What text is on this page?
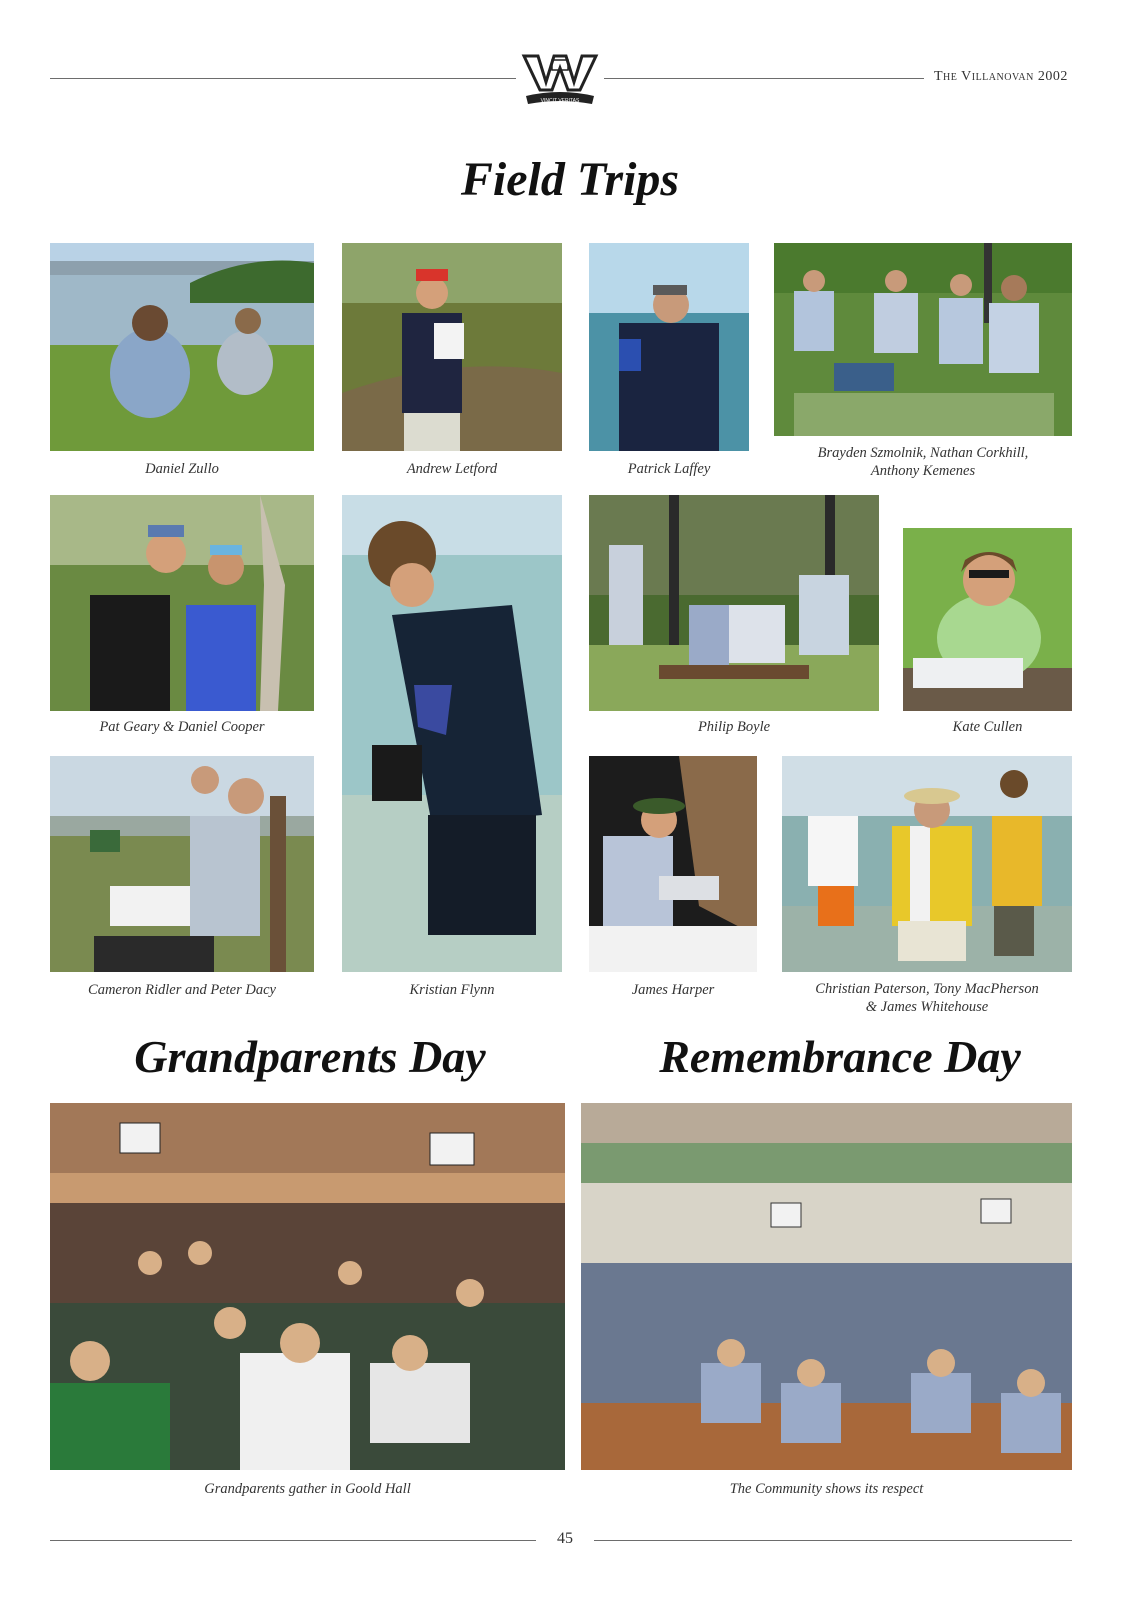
The Villanovan 2002
VINCIT VERITAS
Field Trips
Daniel Zullo	Andrew Letford	Patrick Laffey
Brayden Szmolnik, Nathan Corkhill,
Anthony Kemenes
Pat Geary & Daniel Cooper
Kristian Flynn
Philip Boyle	Kate Cullen
Cameron Ridler and Peter Dacy	James Harper	Christian Paterson, Tony MacPherson
& James Whitehouse
Grandparents Day	Remembrance Day
Grandparents gather in Goold Hall	The Community shows its respect
45
